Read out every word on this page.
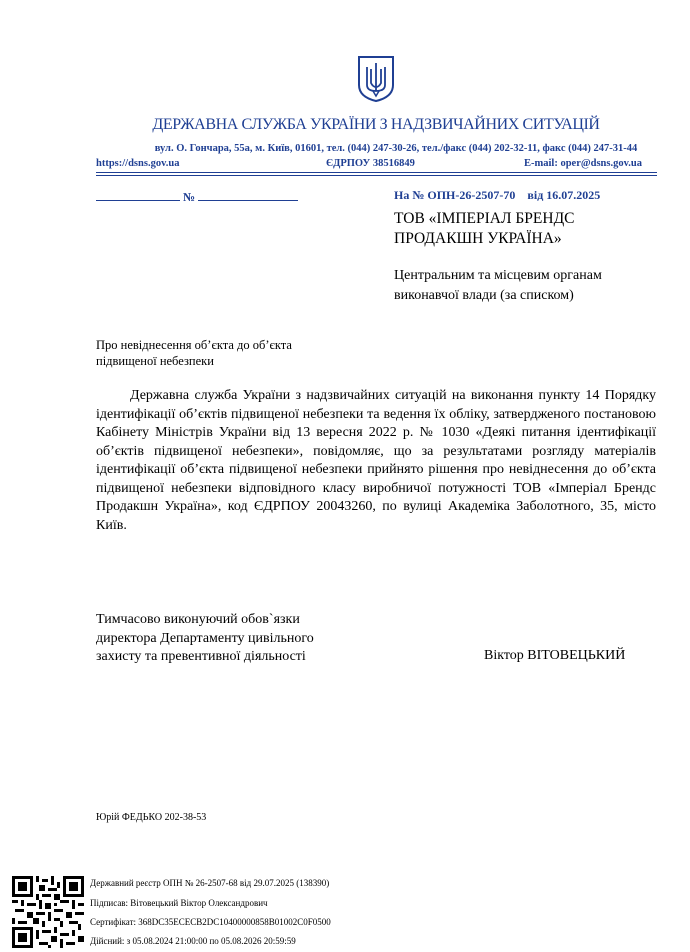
ДЕРЖАВНА СЛУЖБА УКРАЇНИ З НАДЗВИЧАЙНИХ СИТУАЦІЙ
вул. О. Гончара, 55а, м. Київ, 01601, тел. (044) 247-30-26, тел./факс (044) 202-32-11, факс (044) 247-31-44
https://dsns.gov.ua	ЄДРПОУ 38516849	E-mail: oper@dsns.gov.ua
№	На № ОПН-26-2507-70 від 16.07.2025
ТОВ «ІМПЕРІАЛ БРЕНДС
ПРОДАКШН УКРАЇНА»
Центральним та місцевим органам
виконавчої влади (за списком)
Про невіднесення об’єкта до об’єкта
підвищеної небезпеки
Державна служба України з надзвичайних ситуацій на виконання пункту 14 Порядку ідентифікації об’єктів підвищеної небезпеки та ведення їх обліку, затвердженого постановою Кабінету Міністрів України від 13 вересня 2022 р. № 1030 «Деякі питання ідентифікації об’єктів підвищеної небезпеки», повідомляє, що за результатами розгляду матеріалів ідентифікації об’єкта підвищеної небезпеки прийнято рішення про невіднесення до об’єкта підвищеної небезпеки відповідного класу виробничої потужності ТОВ «Імперіал Брендс Продакшн Україна», код ЄДРПОУ 20043260, по вулиці Академіка Заболотного, 35, місто Київ.
Тимчасово виконуючий обов`язки
директора Департаменту цивільного
захисту та превентивної діяльності	Віктор ВІТОВЕЦЬКИЙ
Юрій ФЕДЬКО 202-38-53
Державний реєстр ОПН № 26-2507-68 від 29.07.2025 (138390)
Підписав: Вітовецький Віктор Олександрович
Сертифікат: 368DC35ECECB2DC10400000858B01002C0F0500
Дійсний: з 05.08.2024 21:00:00 по 05.08.2026 20:59:59
